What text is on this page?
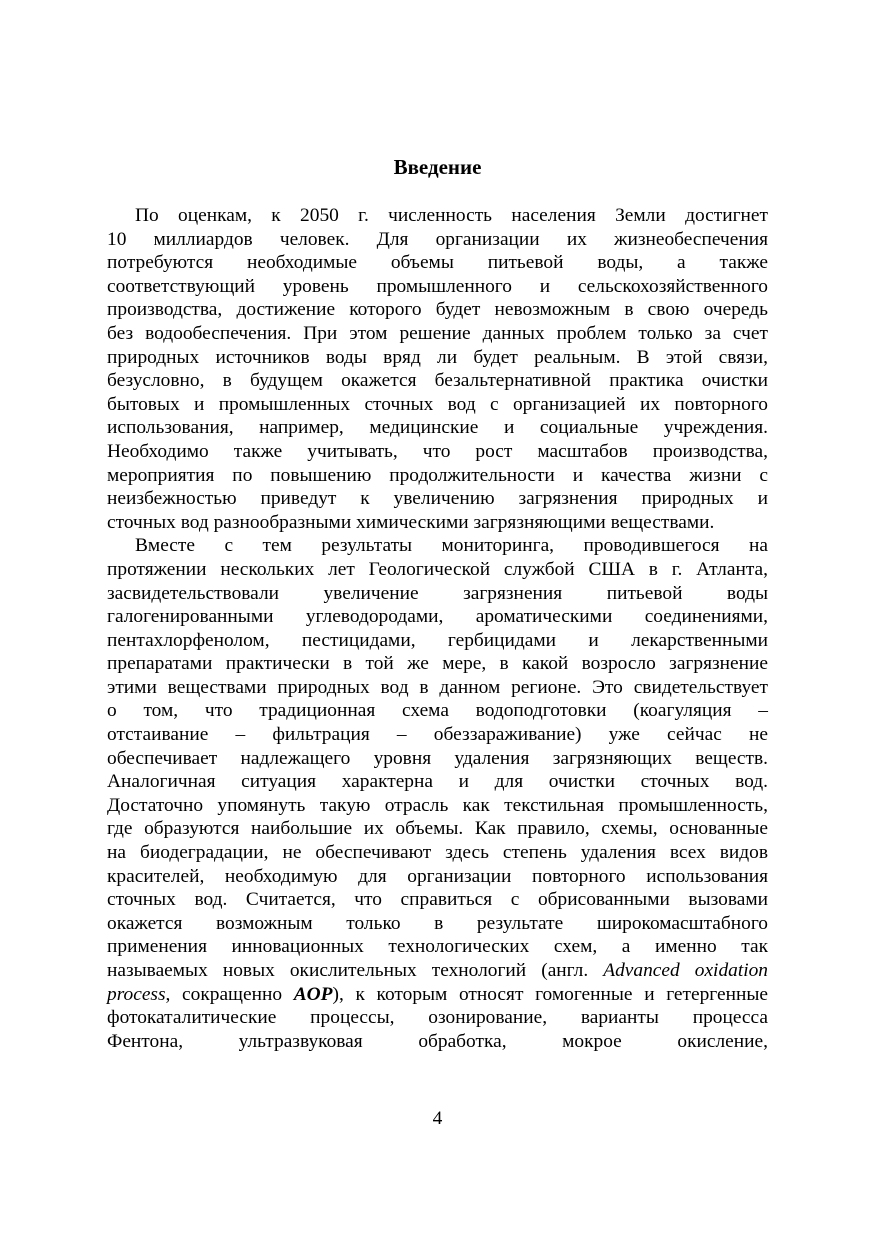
Введение
По оценкам, к 2050 г. численность населения Земли достигнет
10 миллиардов человек. Для организации их жизнеобеспечения
потребуются необходимые объемы питьевой воды, а также
соответствующий уровень промышленного и сельскохозяйственного
производства, достижение которого будет невозможным в свою очередь
без водообеспечения. При этом решение данных проблем только за счет
природных источников воды вряд ли будет реальным. В этой связи,
безусловно, в будущем окажется безальтернативной практика очистки
бытовых и промышленных сточных вод с организацией их повторного
использования, например, медицинские и социальные учреждения.
Необходимо также учитывать, что рост масштабов производства,
мероприятия по повышению продолжительности и качества жизни с
неизбежностью приведут к увеличению загрязнения природных и
сточных вод разнообразными химическими загрязняющими веществами.
Вместе с тем результаты мониторинга, проводившегося на
протяжении нескольких лет Геологической службой США в г. Атланта,
засвидетельствовали увеличение загрязнения питьевой воды
галогенированными углеводородами, ароматическими соединениями,
пентахлорфенолом, пестицидами, гербицидами и лекарственными
препаратами практически в той же мере, в какой возросло загрязнение
этими веществами природных вод в данном регионе. Это свидетельствует
о том, что традиционная схема водоподготовки (коагуляция –
отстаивание – фильтрация – обеззараживание) уже сейчас не
обеспечивает надлежащего уровня удаления загрязняющих веществ.
Аналогичная ситуация характерна и для очистки сточных вод.
Достаточно упомянуть такую отрасль как текстильная промышленность,
где образуются наибольшие их объемы. Как правило, схемы, основанные
на биодеградации, не обеспечивают здесь степень удаления всех видов
красителей, необходимую для организации повторного использования
сточных вод. Считается, что справиться с обрисованными вызовами
окажется возможным только в результате широкомасштабного
применения инновационных технологических схем, а именно так
называемых новых окислительных технологий (англ. Advanced oxidation
process, сокращенно AOP), к которым относят гомогенные и гетергенные
фотокаталитические процессы, озонирование, варианты процесса
Фентона, ультразвуковая обработка, мокрое окисление,
4
